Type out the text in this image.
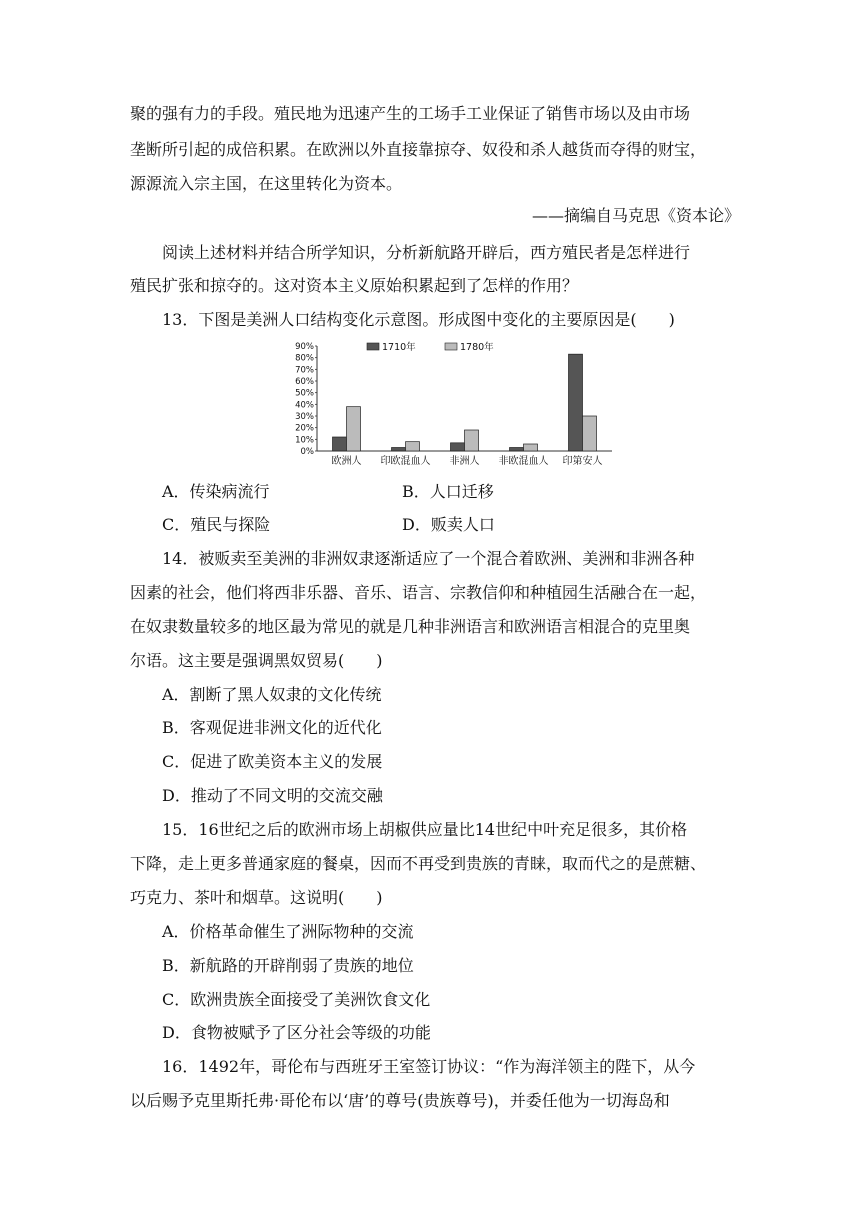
聚的强有力的手段。殖民地为迅速产生的工场手工业保证了销售市场以及由市场
垄断所引起的成倍积累。在欧洲以外直接靠掠夺、奴役和杀人越货而夺得的财宝，
源源流入宗主国，在这里转化为资本。
——摘编自马克思《资本论》
阅读上述材料并结合所学知识，分析新航路开辟后，西方殖民者是怎样进行
殖民扩张和掠夺的。这对资本主义原始积累起到了怎样的作用？
13．下图是美洲人口结构变化示意图。形成图中变化的主要原因是(　　)
0%
10%
20%
30%
40%
50%
60%
70%
80%
90%
欧洲人 印欧混血人 非洲人 非欧混血人 印第安人
1710年	1780年
A．传染病流行	B．人口迁移
C．殖民与探险	D．贩卖人口
14．被贩卖至美洲的非洲奴隶逐渐适应了一个混合着欧洲、美洲和非洲各种
因素的社会，他们将西非乐器、音乐、语言、宗教信仰和种植园生活融合在一起，
在奴隶数量较多的地区最为常见的就是几种非洲语言和欧洲语言相混合的克里奥
尔语。这主要是强调黑奴贸易(　　)
A．割断了黑人奴隶的文化传统
B．客观促进非洲文化的近代化
C．促进了欧美资本主义的发展
D．推动了不同文明的交流交融
15．16世纪之后的欧洲市场上胡椒供应量比14世纪中叶充足很多，其价格
下降，走上更多普通家庭的餐桌，因而不再受到贵族的青睐，取而代之的是蔗糖、
巧克力、茶叶和烟草。这说明(　　)
A．价格革命催生了洲际物种的交流
B．新航路的开辟削弱了贵族的地位
C．欧洲贵族全面接受了美洲饮食文化
D．食物被赋予了区分社会等级的功能
16．1492年，哥伦布与西班牙王室签订协议：“作为海洋领主的陛下，从今
以后赐予克里斯托弗·哥伦布以‘唐’的尊号(贵族尊号)，并委任他为一切海岛和
